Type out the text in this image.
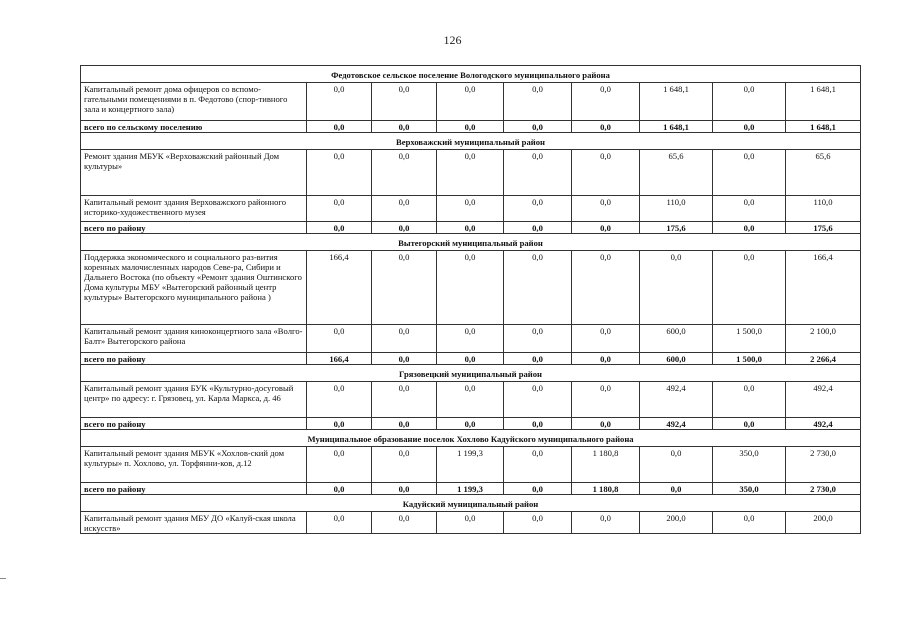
126
Федотовское сельское поселение Вологодского муниципального района								
Капитальный ремонт дома офицеров со вспомо-гательными помещениями в п. Федотово (спор-тивного зала и концертного зала)	0,0	0,0	0,0	0,0	0,0	1 648,1	0,0	1 648,1
всего по сельскому поселению	0,0	0,0	0,0	0,0	0,0	1 648,1	0,0	1 648,1
Верховажский муниципальный район								
Ремонт здания МБУК «Верховажский районный Дом культуры»	0,0	0,0	0,0	0,0	0,0	65,6	0,0	65,6
Капитальный ремонт здания Верховажского районного историко-художественного музея	0,0	0,0	0,0	0,0	0,0	110,0	0,0	110,0
всего по району	0,0	0,0	0,0	0,0	0,0	175,6	0,0	175,6
Вытегорский муниципальный район								
Поддержка экономического и социального раз-вития коренных малочисленных народов Севе-ра, Сибири и Дальнего Востока (по объекту «Ремонт здания Оштинского Дома культуры МБУ «Вытегорский районный центр культуры» Вытегорского муниципального района )	166,4	0,0	0,0	0,0	0,0	0,0	0,0	166,4
Капитальный ремонт здания киноконцертного зала «Волго-Балт» Вытегорского района	0,0	0,0	0,0	0,0	0,0	600,0	1 500,0	2 100,0
всего по району	166,4	0,0	0,0	0,0	0,0	600,0	1 500,0	2 266,4
Грязовецкий муниципальный район								
Капитальный ремонт здания БУК «Культурно-досуговый центр» по адресу: г. Грязовец, ул. Карла Маркса, д. 46	0,0	0,0	0,0	0,0	0,0	492,4	0,0	492,4
всего по району	0,0	0,0	0,0	0,0	0,0	492,4	0,0	492,4
Муниципальное образование поселок Хохлово Кадуйского муниципального района								
Капитальный ремонт здания МБУК «Хохлов-ский дом культуры» п. Хохлово, ул. Торфянни-ков, д.12	0,0	0,0	1 199,3	0,0	1 180,8	0,0	350,0	2 730,0
всего по району	0,0	0,0	1 199,3	0,0	1 180,8	0,0	350,0	2 730,0
Кадуйский муниципальный район								
Капитальный ремонт здания МБУ ДО «Калуй-ская школа искусств»	0,0	0,0	0,0	0,0	0,0	200,0	0,0	200,0
